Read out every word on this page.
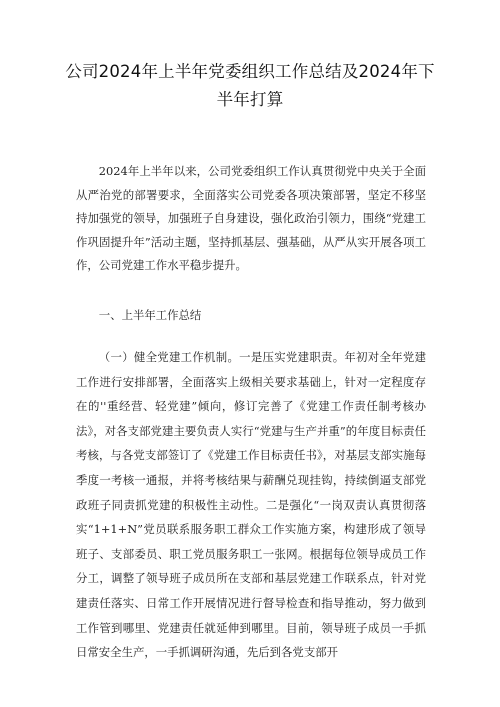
公司2024年上半年党委组织工作总结及2024年下半年打算

2024年上半年以来，公司党委组织工作认真贯彻党中央关于全面从严治党的部署要求，全面落实公司党委各项决策部署，坚定不移坚持加强党的领导，加强班子自身建设，强化政治引领力，围绕“党建工作巩固提升年”活动主题，坚持抓基层、强基础，从严从实开展各项工作，公司党建工作水平稳步提升。

一、上半年工作总结

（一）健全党建工作机制。一是压实党建职责。年初对全年党建工作进行安排部署，全面落实上级相关要求基础上，针对一定程度存在的''重经营、轻党建”倾向，修订完善了《党建工作责任制考核办法》，对各支部党建主要负责人实行“党建与生产并重”的年度目标责任考核，与各党支部签订了《党建工作目标责任书》，对基层支部实施每季度一考核一通报，并将考核结果与薪酬兑现挂钩，持续倒逼支部党政班子同责抓党建的积极性主动性。二是强化“一岗双责认真贯彻落实“1+1+N”党员联系服务职工群众工作实施方案，构建形成了领导班子、支部委员、职工党员服务职工一张网。根据每位领导成员工作分工，调整了领导班子成员所在支部和基层党建工作联系点，针对党建责任落实、日常工作开展情况进行督导检查和指导推动，努力做到工作管到哪里、党建责任就延伸到哪里。目前，领导班子成员一手抓日常安全生产，一手抓调研沟通，先后到各党支部开
